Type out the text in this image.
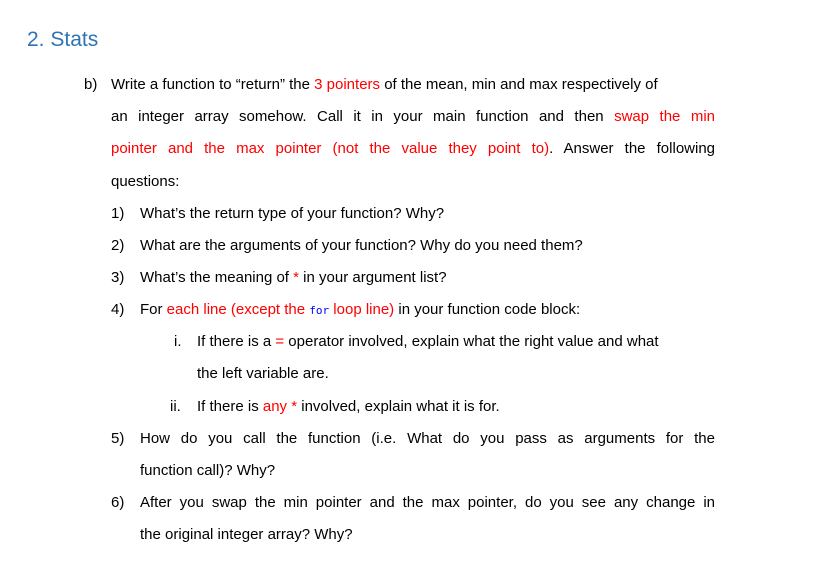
2. Stats
b) Write a function to “return” the 3 pointers of the mean, min and max respectively of
an integer array somehow. Call it in your main function and then swap the min
pointer and the max pointer (not the value they point to). Answer the following
questions:
1) What’s the return type of your function? Why?
2) What are the arguments of your function? Why do you need them?
3) What’s the meaning of * in your argument list?
4) For each line (except the for loop line) in your function code block:
i. If there is a = operator involved, explain what the right value and what
the left variable are.
ii. If there is any * involved, explain what it is for.
5) How do you call the function (i.e. What do you pass as arguments for the
function call)? Why?
6) After you swap the min pointer and the max pointer, do you see any change in
the original integer array? Why?
